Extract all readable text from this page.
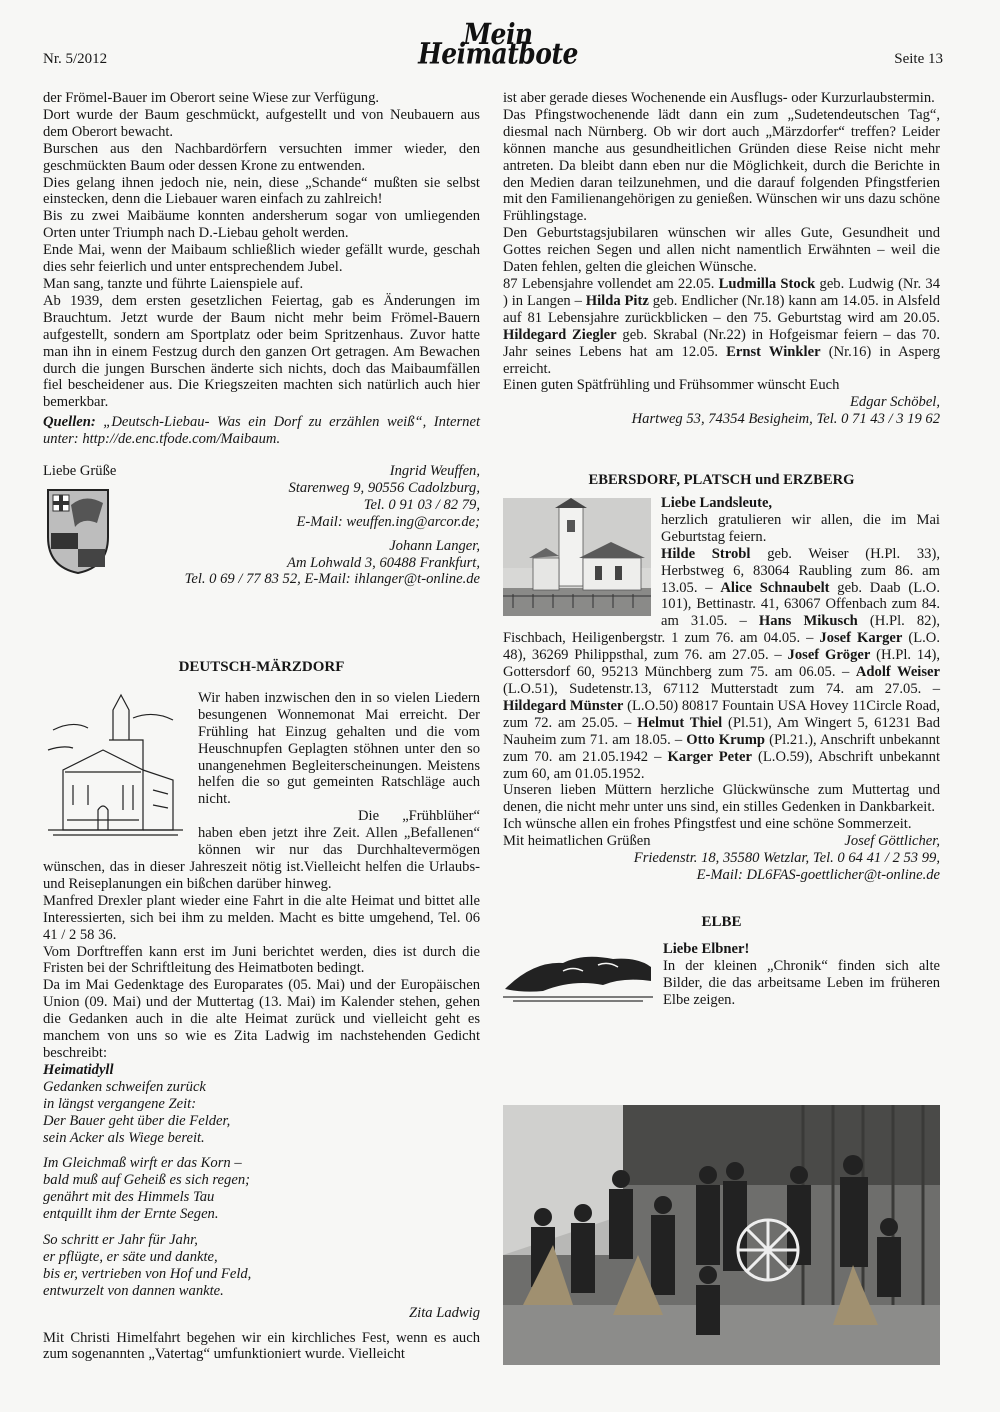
Nr. 5/2012
Mein Heimatbote	Seite 13

der Frömel-Bauer im Oberort seine Wiese zur Verfügung.

Dort wurde der Baum geschmückt, aufgestellt und von Neubauern aus dem Oberort bewacht.

Burschen aus den Nachbardörfern versuchten immer wieder, den geschmückten Baum oder dessen Krone zu entwenden.

Dies gelang ihnen jedoch nie, nein, diese „Schande“ mußten sie selbst einstecken, denn die Liebauer waren einfach zu zahlreich!

Bis zu zwei Maibäume konnten andersherum sogar von umliegenden Orten unter Triumph nach D.-Liebau geholt werden.

Ende Mai, wenn der Maibaum schließlich wieder gefällt wurde, geschah dies sehr feierlich und unter entsprechendem Jubel.

Man sang, tanzte und führte Laienspiele auf.

Ab 1939, dem ersten gesetzlichen Feiertag, gab es Änderungen im Brauchtum. Jetzt wurde der Baum nicht mehr beim Frömel-Bauern aufgestellt, sondern am Sportplatz oder beim Spritzenhaus. Zuvor hatte man ihn in einem Festzug durch den ganzen Ort getragen. Am Bewachen durch die jungen Burschen änderte sich nichts, doch das Maibaumfällen fiel bescheidener aus. Die Kriegszeiten machten sich natürlich auch hier bemerkbar.

Quellen: „Deutsch-Liebau- Was ein Dorf zu erzählen weiß“, Internet unter: http://de.enc.tfode.com/Maibaum.

Liebe Grüße	Ingrid Weuffen,
Starenweg 9, 90556 Cadolzburg,
Tel. 0 91 03 / 82 79,
E-Mail: weuffen.ing@arcor.de;
Johann Langer,
Am Lohwald 3, 60488 Frankfurt,
Tel. 0 69 / 77 83 52, E-Mail: ihlanger@t-online.de
DEUTSCH-MÄRZDORF

Wir haben inzwischen den in so vielen Liedern besungenen Wonnemonat Mai erreicht. Der Frühling hat Einzug gehalten und die vom Heuschnupfen Geplagten stöhnen unter den so unangenehmen Begleiterscheinungen. Meistens helfen die so gut gemeinten Ratschläge auch nicht.

Die „Frühblüher“ haben eben jetzt ihre Zeit. Allen „Befallenen“ können wir nur das Durchhaltevermögen wünschen, das in dieser Jahreszeit nötig ist.Vielleicht helfen die Urlaubs- und Reiseplanungen ein bißchen darüber hinweg.

Manfred Drexler plant wieder eine Fahrt in die alte Heimat und bittet alle Interessierten, sich bei ihm zu melden. Macht es bitte umgehend, Tel. 06 41 / 2 58 36.

Vom Dorftreffen kann erst im Juni berichtet werden, dies ist durch die Fristen bei der Schriftleitung des Heimatboten bedingt.

Da im Mai Gedenktage des Europarates (05. Mai) und der Europäischen Union (09. Mai) und der Muttertag (13. Mai) im Kalender stehen, gehen die Gedanken auch in die alte Heimat zurück und vielleicht geht es manchem von uns so wie es Zita Ladwig im nachstehenden Gedicht beschreibt:

Heimatidyll

Gedanken schweifen zurück

in längst vergangene Zeit:

Der Bauer geht über die Felder,

sein Acker als Wiege bereit.

Im Gleichmaß wirft er das Korn –

bald muß auf Geheiß es sich regen;

genährt mit des Himmels Tau

entquillt ihm der Ernte Segen.

So schritt er Jahr für Jahr,

er pflügte, er säte und dankte,

bis er, vertrieben von Hof und Feld,

entwurzelt von dannen wankte.

Zita Ladwig

Mit Christi Himelfahrt begehen wir ein kirchliches Fest, wenn es auch zum sogenannten „Vatertag“ umfunktioniert wurde. Vielleicht

ist aber gerade dieses Wochenende ein Ausflugs- oder Kurzurlaubstermin.

Das Pfingstwochenende lädt dann ein zum „Sudetendeutschen Tag“, diesmal nach Nürnberg. Ob wir dort auch „Märzdorfer“ treffen? Leider können manche aus gesundheitlichen Gründen diese Reise nicht mehr antreten. Da bleibt dann eben nur die Möglichkeit, durch die Berichte in den Medien daran teilzunehmen, und die darauf folgenden Pfingstferien mit den Familienangehörigen zu genießen. Wünschen wir uns dazu schöne Frühlingstage.

Den Geburtstagsjubilaren wünschen wir alles Gute, Gesundheit und Gottes reichen Segen und allen nicht namentlich Erwähnten – weil die Daten fehlen, gelten die gleichen Wünsche.

87 Lebensjahre vollendet am 22.05. Ludmilla Stock geb. Ludwig (Nr. 34 ) in Langen – Hilda Pitz geb. Endlicher (Nr.18) kann am 14.05. in Alsfeld auf 81 Lebensjahre zurückblicken – den 75. Geburtstag wird am 20.05. Hildegard Ziegler geb. Skrabal (Nr.22) in Hofgeismar feiern – das 70. Jahr seines Lebens hat am 12.05. Ernst Winkler (Nr.16) in Asperg erreicht.

Einen guten Spätfrühling und Frühsommer wünscht Euch

Edgar Schöbel,

Hartweg 53, 74354 Besigheim, Tel. 0 71 43 / 3 19 62

EBERSDORF, PLATSCH und ERZBERG

Liebe Landsleute,

herzlich gratulieren wir allen, die im Mai Geburtstag feiern.

Hilde Strobl geb. Weiser (H.Pl. 33), Herbstweg 6, 83064 Raubling zum 86. am 13.05. – Alice Schnaubelt geb. Daab (L.O. 101), Bettinastr. 41, 63067 Offenbach zum 84. am 31.05. – Hans Mikusch (H.Pl. 82), Fischbach, Heiligenbergstr. 1 zum 76. am 04.05. – Josef Karger (L.O. 48), 36269 Philippsthal, zum 76. am 27.05. – Josef Gröger (H.Pl. 14), Gottersdorf 60, 95213 Münchberg zum 75. am 06.05. – Adolf Weiser (L.O.51), Sudetenstr.13, 67112 Mutterstadt zum 74. am 27.05. – Hildegard Münster (L.O.50) 80817 Fountain USA Hovey 11Circle Road, zum 72. am 25.05. – Helmut Thiel (Pl.51), Am Wingert 5, 61231 Bad Nauheim zum 71. am 18.05. – Otto Krump (Pl.21.), Anschrift unbekannt zum 70. am 21.05.1942 – Karger Peter (L.O.59), Abschrift unbekannt zum 60, am 01.05.1952.

Unseren lieben Müttern herzliche Glückwünsche zum Muttertag und denen, die nicht mehr unter uns sind, ein stilles Gedenken in Dankbarkeit.

Ich wünsche allen ein frohes Pfingstfest und eine schöne Sommerzeit.

Mit heimatlichen Grüßen	Josef Göttlicher,

Friedenstr. 18, 35580 Wetzlar, Tel. 0 64 41 / 2 53 99,

E-Mail: DL6FAS-goettlicher@t-online.de

ELBE

Liebe Elbner!

In der kleinen „Chronik“ finden sich alte Bilder, die das arbeitsame Leben im früheren Elbe zeigen.
